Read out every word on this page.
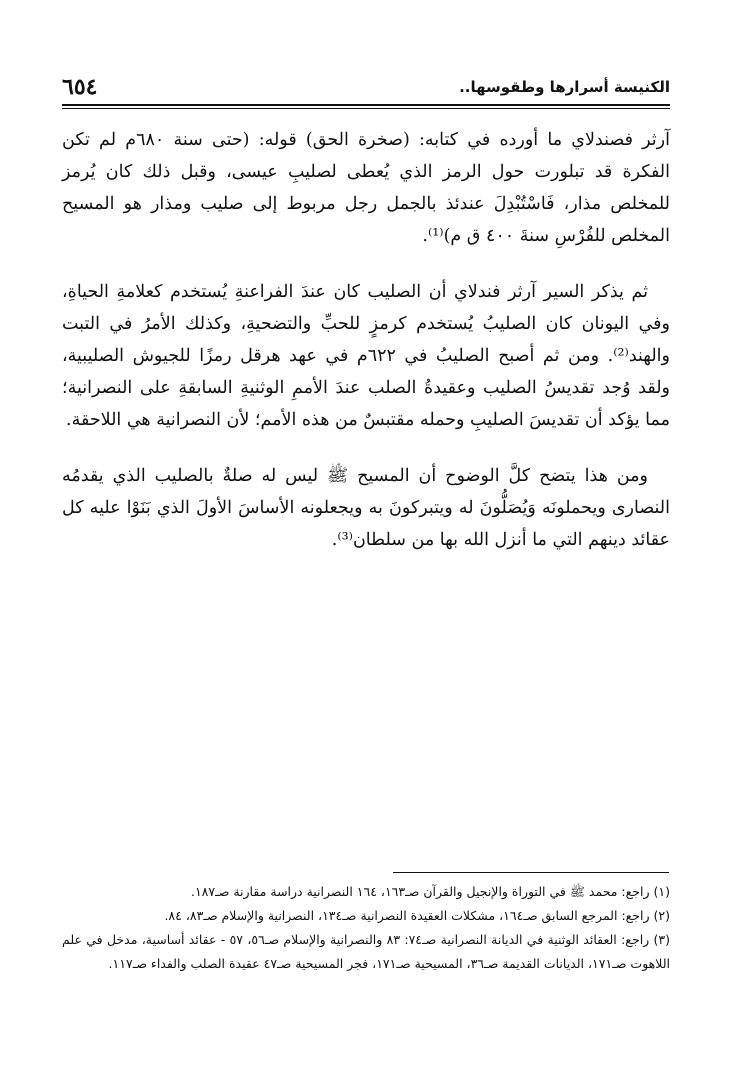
الكنيسة أسرارها وطقوسها..
٦٥٤

آرثر فصندلاي ما أورده في كتابه: (صخرة الحق) قوله: (حتى سنة ٦٨٠م لم تكن الفكرة قد تبلورت حول الرمز الذي يُعطى لصليبِ عيسى، وقبل ذلك كان يُرمز للمخلص مذار، فَاسْتُبْدِلَ عندئذ بالجمل رجل مربوط إلى صليب ومذار هو المسيح المخلص للفُرْسِ سنةَ ٤٠٠ ق م)⁽¹⁾.

ثم يذكر السير آرثر فندلاي أن الصليب كان عندَ الفراعنةِ يُستخدم كعلامةِ الحياةِ، وفي اليونان كان الصليبُ يُستخدم كرمزٍ للحبِّ والتضحيةِ، وكذلك الأمرُ في التبت والهند⁽²⁾. ومن ثم أصبح الصليبُ في ٦٢٢م في عهد هرقل رمزًا للجيوش الصليبية، ولقد وُجد تقديسُ الصليب وعقيدةُ الصلب عندَ الأممِ الوثنيةِ السابقةِ على النصرانية؛ مما يؤكد أن تقديسَ الصليبِ وحمله مقتبسٌ من هذه الأمم؛ لأن النصرانية هي اللاحقة.

ومن هذا يتضح كلَّ الوضوح أن المسيح ﷺ ليس له صلةٌ بالصليب الذي يقدمُه النصارى ويحملونَه وَيُصَلُّونَ له ويتبركونَ به ويجعلونه الأساسَ الأولَ الذي بَنَوْا عليه كل عقائد دينهم التي ما أنزل الله بها من سلطان⁽³⁾.

(١) راجع: محمد ﷺ في التوراة والإنجيل والقرآن صـ١٦٣، ١٦٤ النصرانية دراسة مقارنة صـ١٨٧.

(٢) راجع: المرجع السابق صـ١٦٤، مشكلات العقيدة النصرانية صـ١٣٤، النصرانية والإسلام صـ٨٣، ٨٤.

(٣) راجع: العقائد الوثنية في الديانة النصرانية صـ٧٤: ٨٣ والنصرانية والإسلام صـ٥٦، ٥٧ - عقائد أساسية، مدخل في علم اللاهوت صـ١٧١، الديانات القديمة صـ٣٦، المسيحية صـ١٧١، فجر المسيحية صـ٤٧ عقيدة الصلب والفداء صـ١١٧.
